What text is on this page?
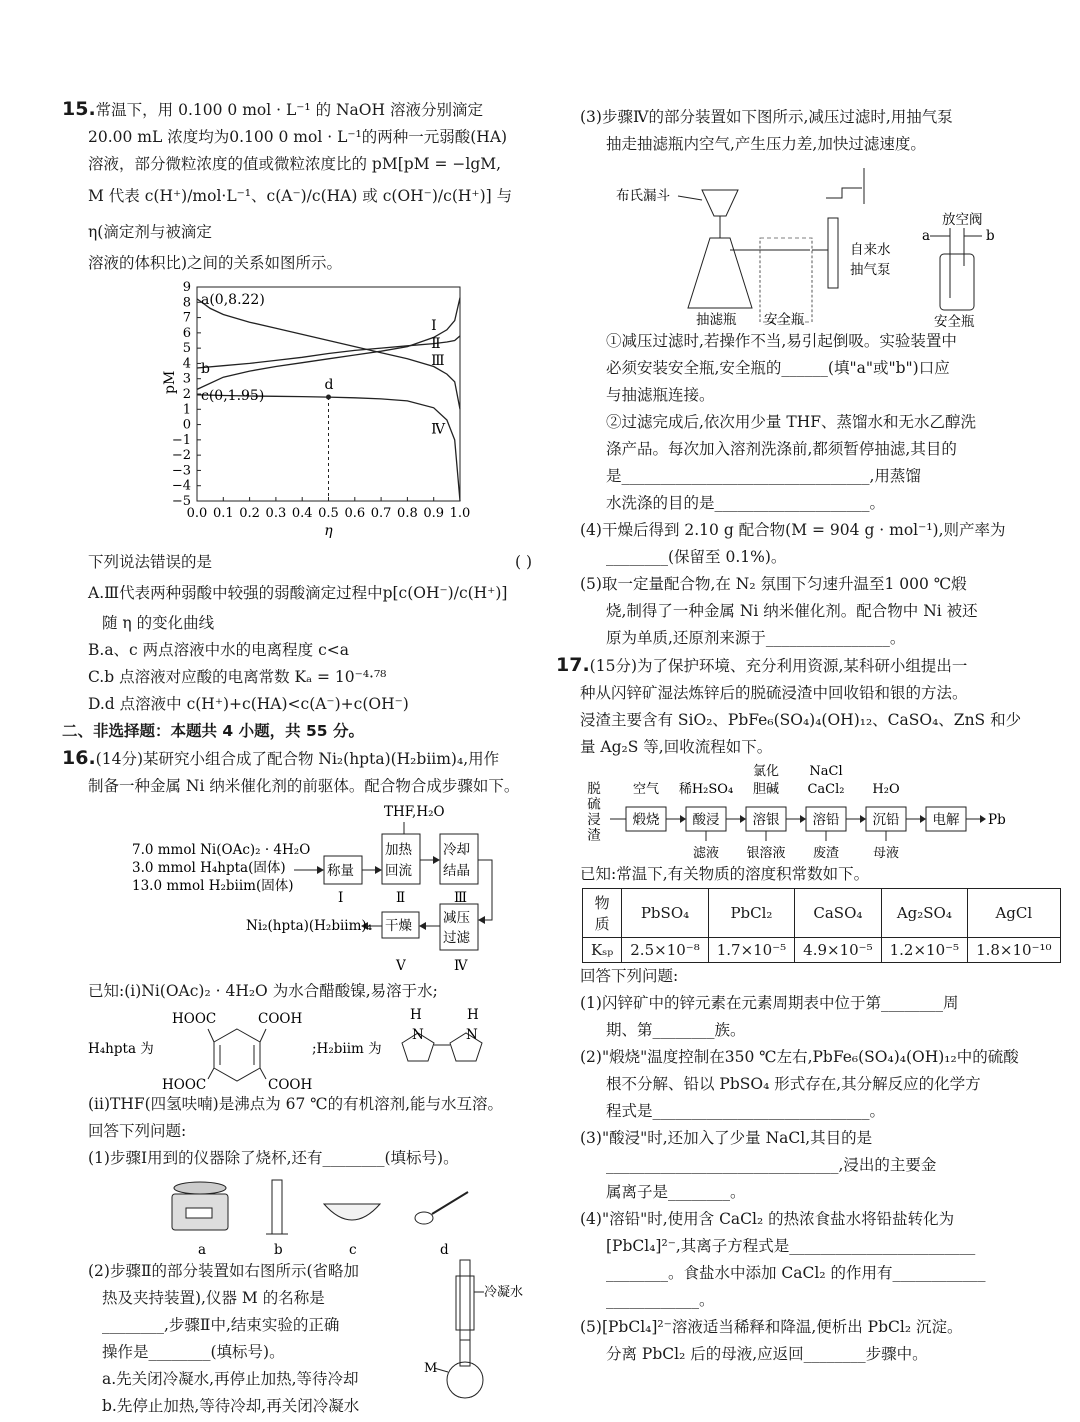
15.常温下，用 0.100 0 mol · L⁻¹ 的 NaOH 溶液分别滴定

20.00 mL 浓度均为0.100 0 mol · L⁻¹的两种一元弱酸(HA)

溶液，部分微粒浓度的值或微粒浓度比的 pM[pM = −lgM,

M 代表 c(H⁺)/mol·L⁻¹、c(A⁻)/c(HA) 或 c(OH⁻)/c(H⁺)] 与 η(滴定剂与被滴定

溶液的体积比)之间的关系如图所示。

0.0 0.1 0.2 0.3 0.4 0.5 0.6 0.7 0.8 0.9 1.0
9
8
7
6
5
4
3
2
1
0
−1
−2
−3
−4
−5
η
pM
Ⅰ
Ⅱ
Ⅲ
Ⅳ
a(0,8.22)
b
c(0,1.95)
d

下列说法错误的是	( )

A.Ⅲ代表两种弱酸中较强的弱酸滴定过程中p[c(OH⁻)/c(H⁺)]

随 η 的变化曲线

B.a、c 两点溶液中水的电离程度 c<a

C.b 点溶液对应酸的电离常数 Kₐ = 10⁻⁴·⁷⁸

D.d 点溶液中 c(H⁺)+c(HA)<c(A⁻)+c(OH⁻)

二、非选择题：本题共 4 小题，共 55 分。

16.(14分)某研究小组合成了配合物 Ni₂(hpta)(H₂biim)₄,用作

制备一种金属 Ni 纳米催化剂的前驱体。配合物合成步骤如下。

THF,H₂O
7.0 mmol Ni(OAc)₂ · 4H₂O
3.0 mmol H₄hpta(固体)
13.0 mmol H₂biim(固体)
称量
加热
回流
冷却
结晶
减压
过滤
干燥
Ni₂(hpta)(H₂biim)₄
Ⅰ	Ⅱ	Ⅲ
Ⅳ
Ⅴ

已知:(ⅰ)Ni(OAc)₂ · 4H₂O 为水合醋酸镍,易溶于水;

H₄hpta 为
HOOC	COOH
HOOC	COOH
;H₂biim 为
H
N
H
N

(ⅱ)THF(四氢呋喃)是沸点为 67 ℃的有机溶剂,能与水互溶。

回答下列问题:

(1)步骤Ⅰ用到的仪器除了烧杯,还有________(填标号)。

a	b	c	d

(2)步骤Ⅱ的部分装置如右图所示(省略加

热及夹持装置),仪器 M 的名称是

________,步骤Ⅱ中,结束实验的正确

操作是________(填标号)。

a.先关闭冷凝水,再停止加热,等待冷却

b.先停止加热,等待冷却,再关闭冷凝水

冷凝水
M

(3)步骤Ⅳ的部分装置如下图所示,减压过滤时,用抽气泵

抽走抽滤瓶内空气,产生压力差,加快过滤速度。

布氏漏斗
自来水
抽气泵
放空阀
a	b
抽滤瓶 安全瓶	安全瓶

①减压过滤时,若操作不当,易引起倒吸。实验装置中

必须安装安全瓶,安全瓶的______(填"a"或"b")口应

与抽滤瓶连接。

②过滤完成后,依次用少量 THF、蒸馏水和无水乙醇洗

涤产品。每次加入溶剂洗涤前,都须暂停抽滤,其目的

是________________________________,用蒸馏

水洗涤的目的是____________________。

(4)干燥后得到 2.10 g 配合物(M = 904 g · mol⁻¹),则产率为

________(保留至 0.1%)。

(5)取一定量配合物,在 N₂ 氛围下匀速升温至1 000 ℃煅

烧,制得了一种金属 Ni 纳米催化剂。配合物中 Ni 被还

原为单质,还原剂来源于________________。

17.(15分)为了保护环境、充分利用资源,某科研小组提出一

种从闪锌矿湿法炼锌后的脱硫浸渣中回收铅和银的方法。

浸渣主要含有 SiO₂、PbFe₆(SO₄)₄(OH)₁₂、CaSO₄、ZnS 和少

量 Ag₂S 等,回收流程如下。

脱硫浸渣 煅烧
空气
酸浸
稀H₂SO₄
滤液
溶银
氯化
胆碱
银溶液
溶铅
NaCl
CaCl₂
废渣
沉铅
H₂O
母液
电解 Pb

已知:常温下,有关物质的溶度积常数如下。

物质	PbSO₄	PbCl₂	CaSO₄	Ag₂SO₄	AgCl
Kₛₚ	2.5×10⁻⁸	1.7×10⁻⁵	4.9×10⁻⁵	1.2×10⁻⁵	1.8×10⁻¹⁰

回答下列问题:

(1)闪锌矿中的锌元素在元素周期表中位于第________周

期、第________族。

(2)"煅烧"温度控制在350 ℃左右,PbFe₆(SO₄)₄(OH)₁₂中的硫酸

根不分解、铅以 PbSO₄ 形式存在,其分解反应的化学方

程式是____________________________。

(3)"酸浸"时,还加入了少量 NaCl,其目的是

______________________________,浸出的主要金

属离子是________。

(4)"溶铅"时,使用含 CaCl₂ 的热浓食盐水将铅盐转化为

[PbCl₄]²⁻,其离子方程式是________________________

________。食盐水中添加 CaCl₂ 的作用有____________

____________。

(5)[PbCl₄]²⁻溶液适当稀释和降温,便析出 PbCl₂ 沉淀。

分离 PbCl₂ 后的母液,应返回________步骤中。
